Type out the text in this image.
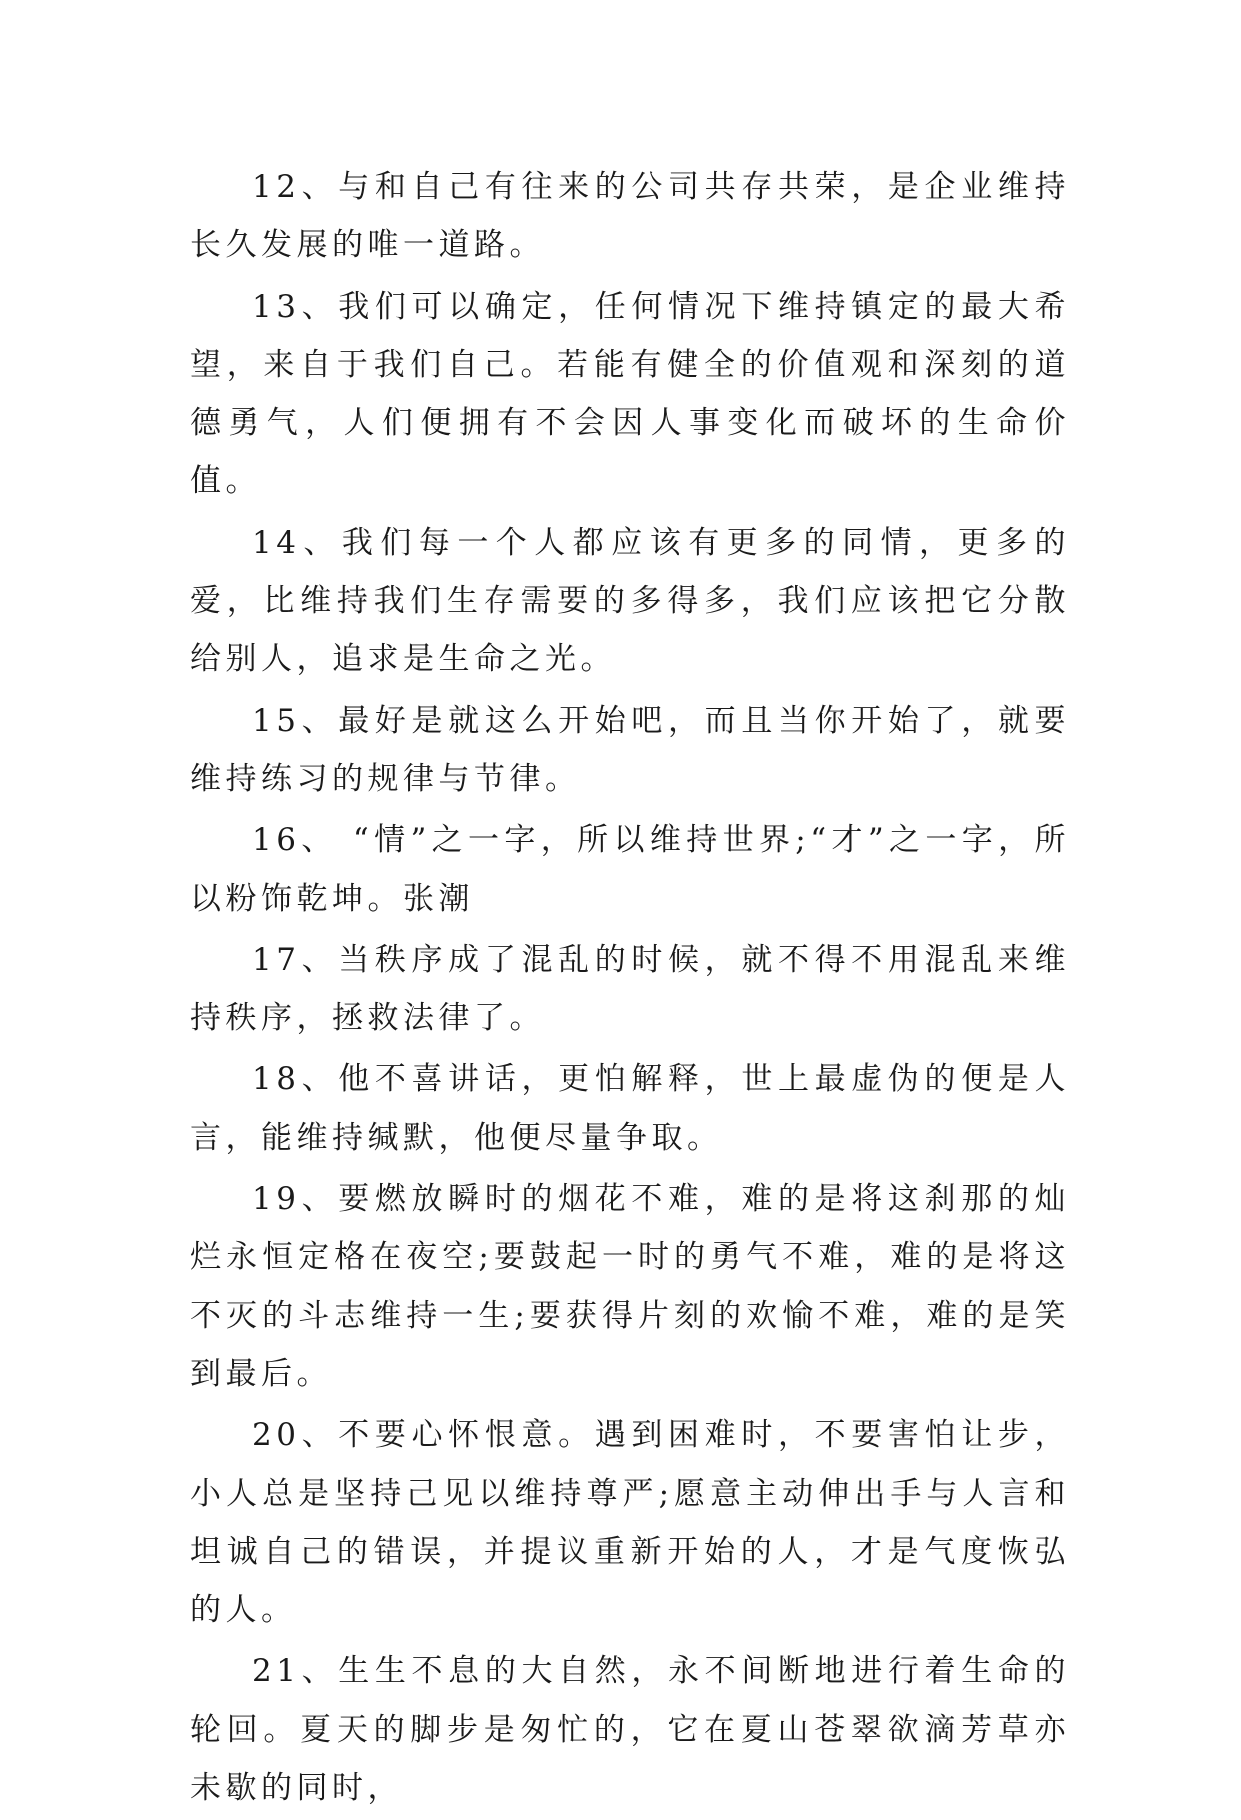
12、与和自己有往来的公司共存共荣，是企业维持长久发展的唯一道路。

13、我们可以确定，任何情况下维持镇定的最大希望，来自于我们自己。若能有健全的价值观和深刻的道德勇气，人们便拥有不会因人事变化而破坏的生命价值。

14、我们每一个人都应该有更多的同情，更多的爱，比维持我们生存需要的多得多，我们应该把它分散给别人，追求是生命之光。

15、最好是就这么开始吧，而且当你开始了，就要维持练习的规律与节律。

16、 “情”之一字，所以维持世界;“才”之一字，所以粉饰乾坤。张潮

17、当秩序成了混乱的时候，就不得不用混乱来维持秩序，拯救法律了。

18、他不喜讲话，更怕解释，世上最虚伪的便是人言，能维持缄默，他便尽量争取。

19、要燃放瞬时的烟花不难，难的是将这刹那的灿烂永恒定格在夜空;要鼓起一时的勇气不难，难的是将这不灭的斗志维持一生;要获得片刻的欢愉不难，难的是笑到最后。

20、不要心怀恨意。遇到困难时，不要害怕让步，小人总是坚持己见以维持尊严;愿意主动伸出手与人言和坦诚自己的错误，并提议重新开始的人，才是气度恢弘的人。

21、生生不息的大自然，永不间断地进行着生命的轮回。夏天的脚步是匆忙的，它在夏山苍翠欲滴芳草亦未歇的同时，
